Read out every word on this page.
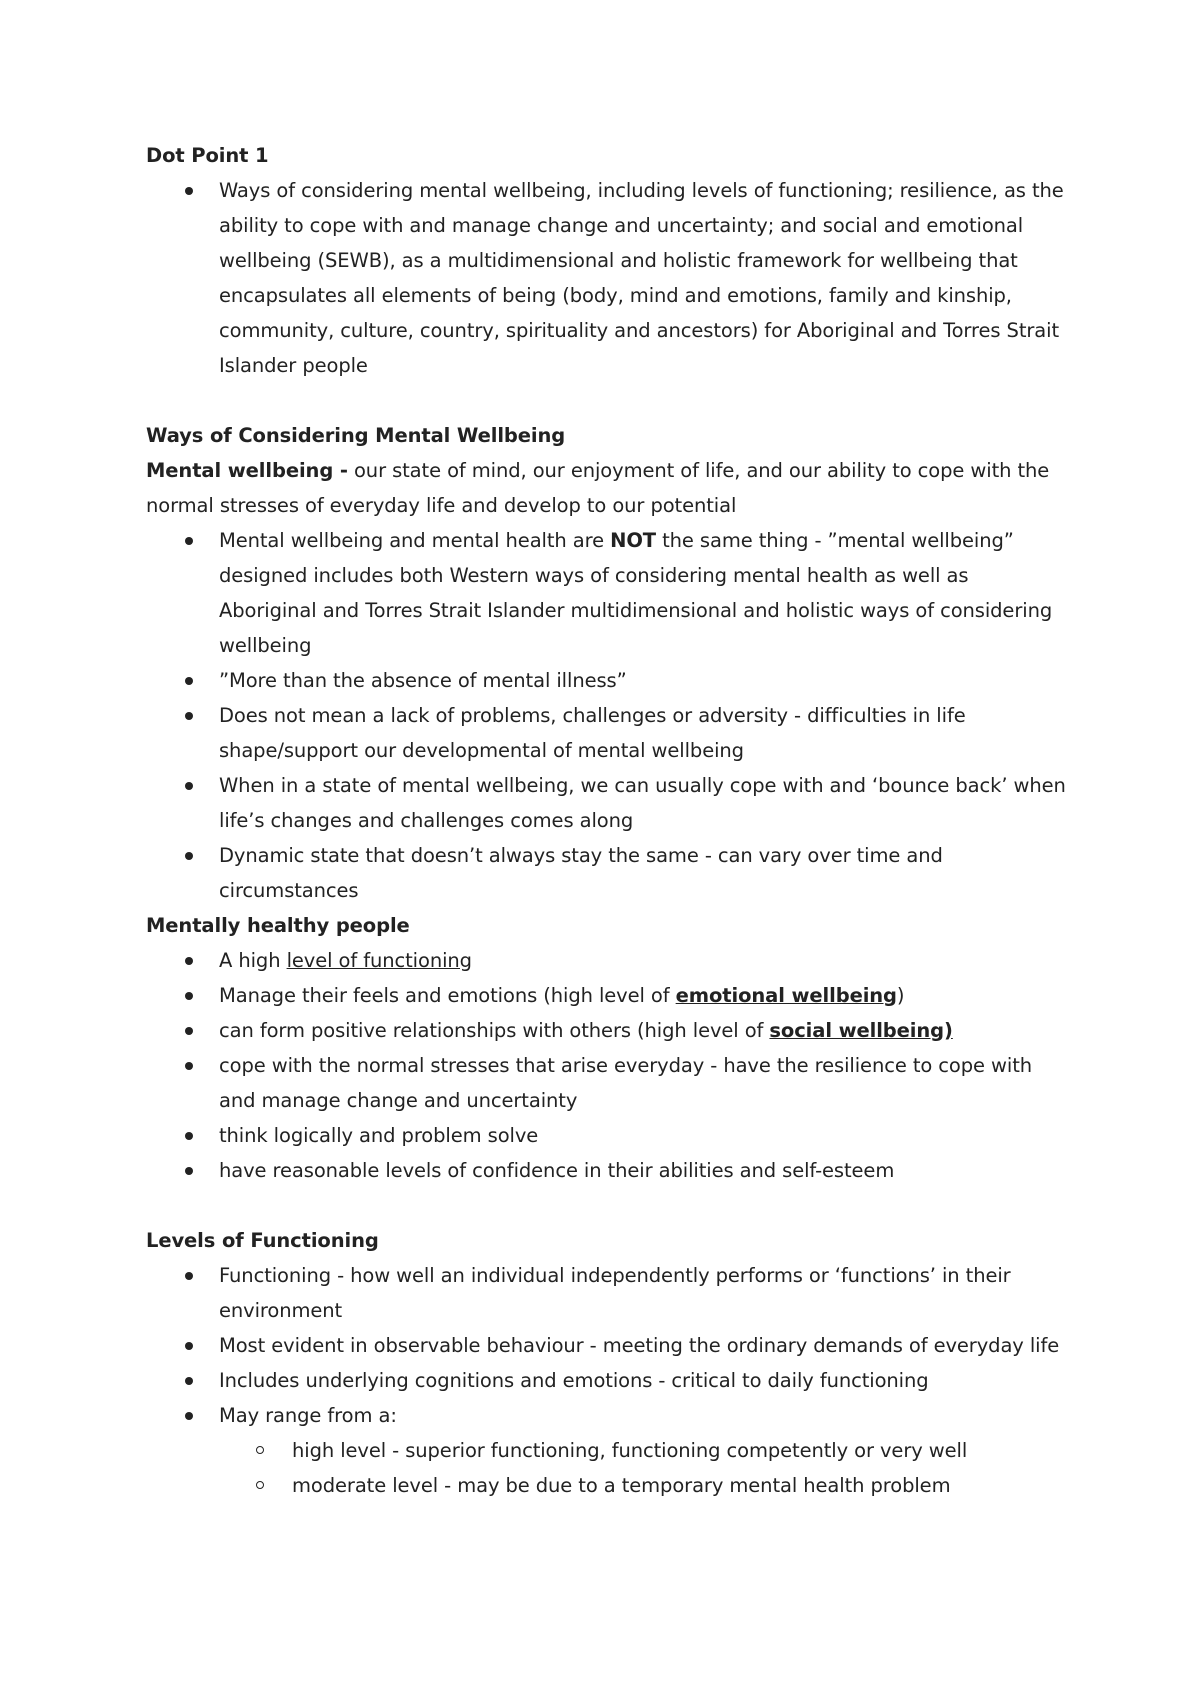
Dot Point 1
Ways of considering mental wellbeing, including levels of functioning; resilience, as the ability to cope with and manage change and uncertainty; and social and emotional wellbeing (SEWB), as a multidimensional and holistic framework for wellbeing that encapsulates all elements of being (body, mind and emotions, family and kinship, community, culture, country, spirituality and ancestors) for Aboriginal and Torres Strait Islander people
Ways of Considering Mental Wellbeing

Mental wellbeing - our state of mind, our enjoyment of life, and our ability to cope with the normal stresses of everyday life and develop to our potential

Mental wellbeing and mental health are NOT the same thing - ”mental wellbeing” designed includes both Western ways of considering mental health as well as Aboriginal and Torres Strait Islander multidimensional and holistic ways of considering wellbeing
”More than the absence of mental illness”
Does not mean a lack of problems, challenges or adversity - difficulties in life shape/support our developmental of mental wellbeing
When in a state of mental wellbeing, we can usually cope with and ‘bounce back’ when life’s changes and challenges comes along
Dynamic state that doesn’t always stay the same - can vary over time and circumstances
Mentally healthy people
A high level of functioning
Manage their feels and emotions (high level of emotional wellbeing)
can form positive relationships with others (high level of social wellbeing)
cope with the normal stresses that arise everyday - have the resilience to cope with and manage change and uncertainty
think logically and problem solve
have reasonable levels of confidence in their abilities and self-esteem
Levels of Functioning
Functioning - how well an individual independently performs or ‘functions’ in their environment
Most evident in observable behaviour - meeting the ordinary demands of everyday life
Includes underlying cognitions and emotions - critical to daily functioning
May range from a:
high level - superior functioning, functioning competently or very well
moderate level - may be due to a temporary mental health problem
